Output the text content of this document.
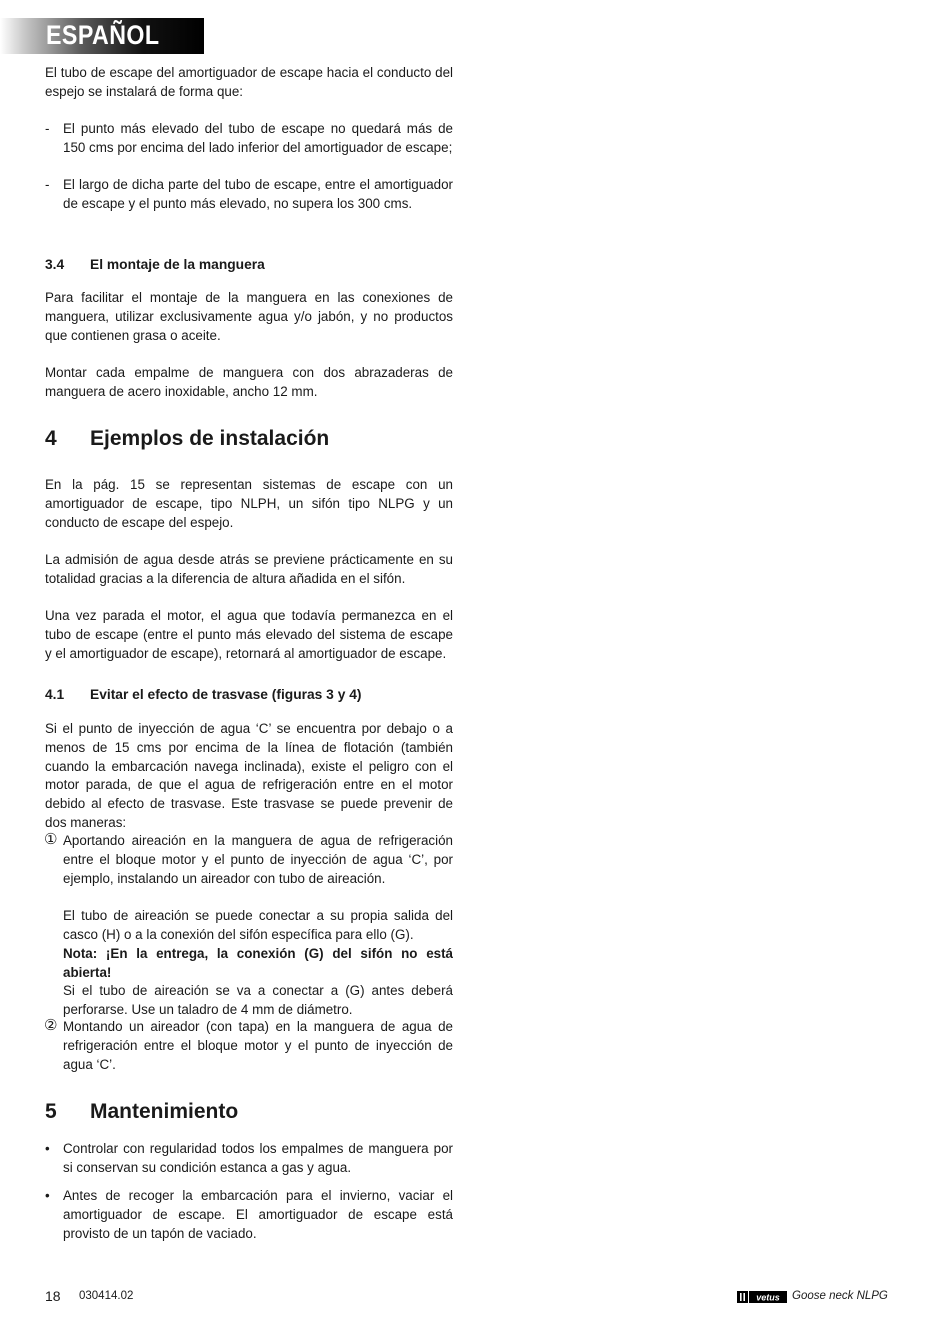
ESPAÑOL

El tubo de escape del amortiguador de escape hacia el conducto del espejo se instalará de forma que:

- El punto más elevado del tubo de escape no quedará más de 150 cms por encima del lado inferior del amortiguador de escape;

- El largo de dicha parte del tubo de escape, entre el amortiguador de escape y el punto más elevado, no supera los 300 cms.

3.4 El montaje de la manguera

Para facilitar el montaje de la manguera en las conexiones de manguera, utilizar exclusivamente agua y/o jabón, y no productos que contienen grasa o aceite.

Montar cada empalme de manguera con dos abrazaderas de manguera de acero inoxidable, ancho 12 mm.

4 Ejemplos de instalación

En la pág. 15 se representan sistemas de escape con un amortiguador de escape, tipo NLPH, un sifón tipo NLPG y un conducto de escape del espejo.

La admisión de agua desde atrás se previene prácticamente en su totalidad gracias a la diferencia de altura añadida en el sifón.

Una vez parada el motor, el agua que todavía permanezca en el tubo de escape (entre el punto más elevado del sistema de escape y el amortiguador de escape), retornará al amortiguador de escape.

4.1 Evitar el efecto de trasvase (figuras 3 y 4)

Si el punto de inyección de agua ‘C’ se encuentra por debajo o a menos de 15 cms por encima de la línea de flotación (también cuando la embarcación navega inclinada), existe el peligro con el motor parada, de que el agua de refrigeración entre en el motor debido al efecto de trasvase. Este trasvase se puede prevenir de dos maneras:

① Aportando aireación en la manguera de agua de refrigeración entre el bloque motor y el punto de inyección de agua ‘C’, por ejemplo, instalando un aireador con tubo de aireación.

El tubo de aireación se puede conectar a su propia salida del casco (H) o a la conexión del sifón específica para ello (G).

Nota: ¡En la entrega, la conexión (G) del sifón no está abierta!

Si el tubo de aireación se va a conectar a (G) antes deberá perforarse. Use un taladro de 4 mm de diámetro.

② Montando un aireador (con tapa) en la manguera de agua de refrigeración entre el bloque motor y el punto de inyección de agua ‘C’.

5 Mantenimiento
• Controlar con regularidad todos los empalmes de manguera por si conservan su condición estanca a gas y agua.

• Antes de recoger la embarcación para el invierno, vaciar el amortiguador de escape. El amortiguador de escape está provisto de un tapón de vaciado.

18 030414.02	vetus Goose neck NLPG
